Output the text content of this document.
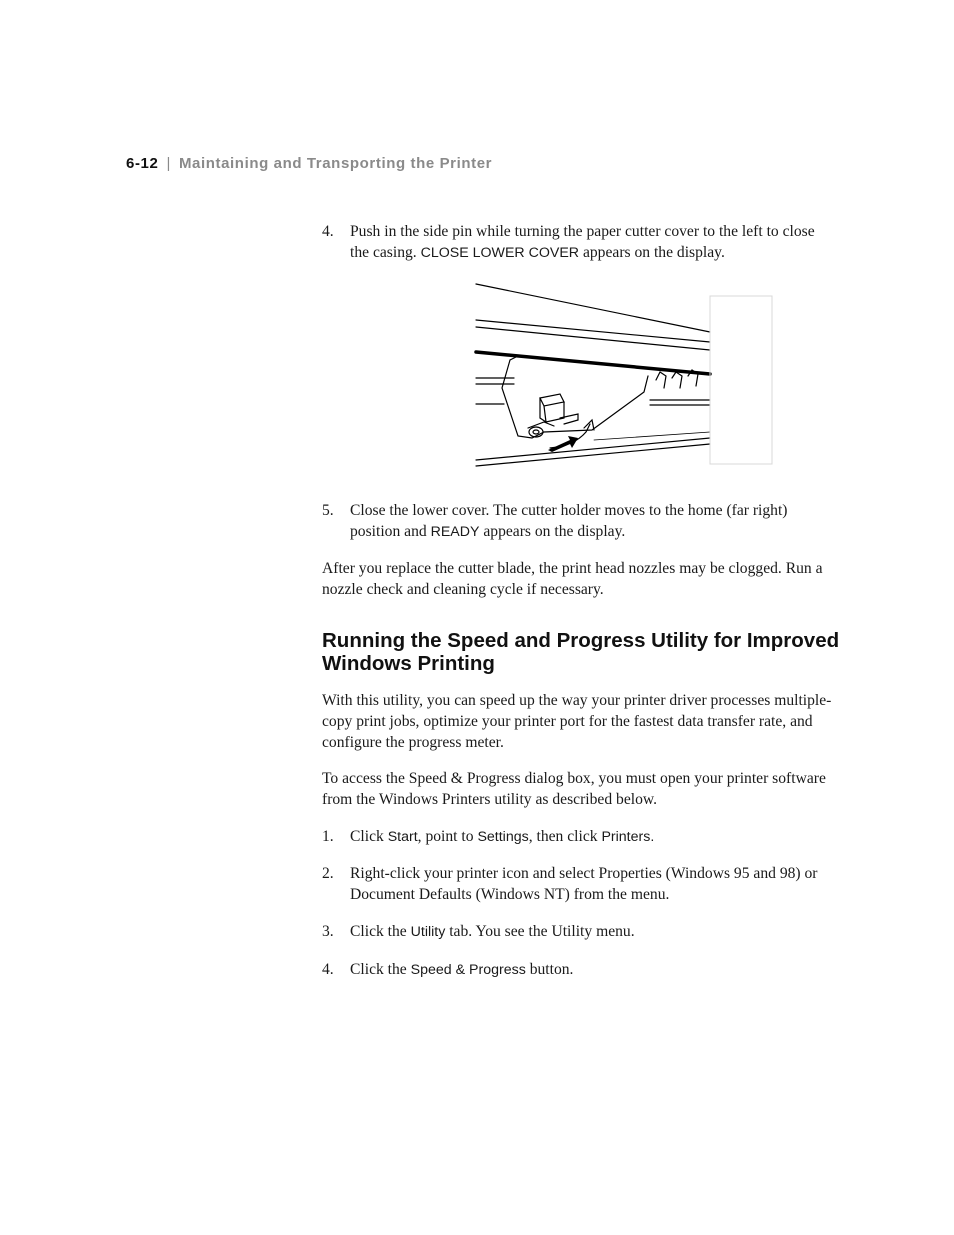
6-12 | Maintaining and Transporting the Printer
4.	Push in the side pin while turning the paper cutter cover to the left to close the casing. CLOSE LOWER COVER appears on the display.
5.	Close the lower cover. The cutter holder moves to the home (far right) position and READY appears on the display.
After you replace the cutter blade, the print head nozzles may be clogged. Run a nozzle check and cleaning cycle if necessary.
Running the Speed and Progress Utility for Improved Windows Printing
With this utility, you can speed up the way your printer driver processes multiple-copy print jobs, optimize your printer port for the fastest data transfer rate, and configure the progress meter.
To access the Speed & Progress dialog box, you must open your printer software from the Windows Printers utility as described below.
1.	Click Start, point to Settings, then click Printers.
2.	Right-click your printer icon and select Properties (Windows 95 and 98) or Document Defaults (Windows NT) from the menu.
3.	Click the Utility tab. You see the Utility menu.
4.	Click the Speed & Progress button.
